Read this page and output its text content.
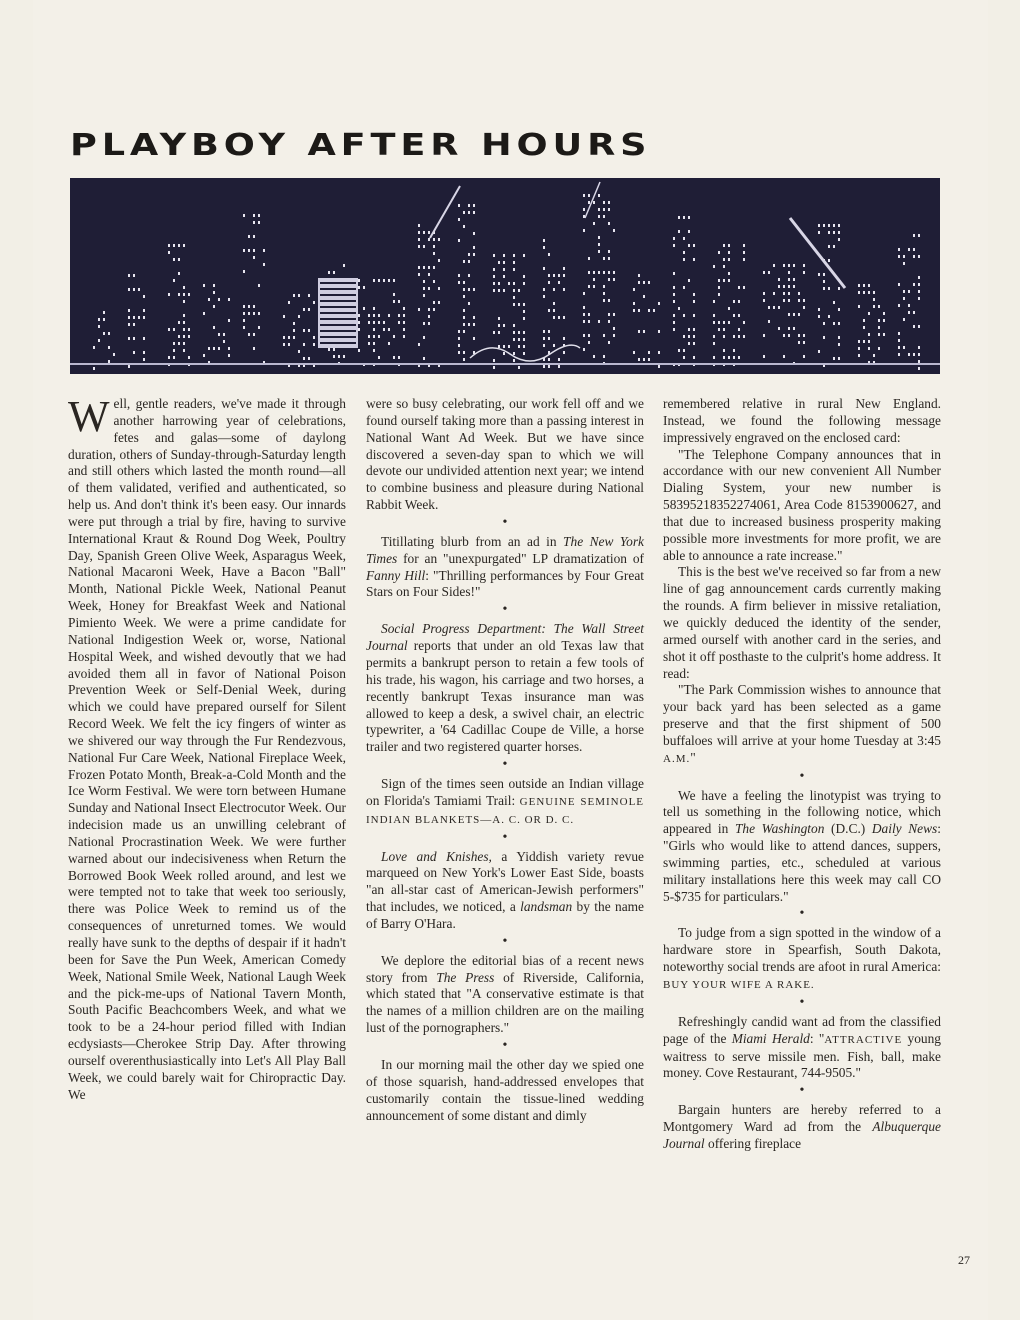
PLAYBOY AFTER HOURS

Well, gentle readers, we've made it through another harrowing year of celebrations, fetes and galas—some of daylong duration, others of Sunday-through-Saturday length and still others which lasted the month round—all of them validated, verified and authenticated, so help us. And don't think it's been easy. Our innards were put through a trial by fire, having to survive International Kraut & Round Dog Week, Poultry Day, Spanish Green Olive Week, Asparagus Week, National Macaroni Week, Have a Bacon "Ball" Month, National Pickle Week, National Peanut Week, Honey for Breakfast Week and National Pimiento Week. We were a prime candidate for National Indigestion Week or, worse, National Hospital Week, and wished devoutly that we had avoided them all in favor of National Poison Prevention Week or Self-Denial Week, during which we could have prepared ourself for Silent Record Week. We felt the icy fingers of winter as we shivered our way through the Fur Rendezvous, National Fur Care Week, National Fireplace Week, Frozen Potato Month, Break-a-Cold Month and the Ice Worm Festival. We were torn between Humane Sunday and National Insect Electrocutor Week. Our indecision made us an unwilling celebrant of National Procrastination Week. We were further warned about our indecisiveness when Return the Borrowed Book Week rolled around, and lest we were tempted not to take that week too seriously, there was Police Week to remind us of the consequences of unreturned tomes. We would really have sunk to the depths of despair if it hadn't been for Save the Pun Week, American Comedy Week, National Smile Week, National Laugh Week and the pick-me-ups of National Tavern Month, South Pacific Beachcombers Week, and what we took to be a 24-hour period filled with Indian ecdysiasts—Cherokee Strip Day. After throwing ourself overenthusiastically into Let's All Play Ball Week, we could barely wait for Chiropractic Day. We

were so busy celebrating, our work fell off and we found ourself taking more than a passing interest in National Want Ad Week. But we have since discovered a seven-day span to which we will devote our undivided attention next year; we intend to combine business and pleasure during National Rabbit Week.

•

Titillating blurb from an ad in The New York Times for an "unexpurgated" LP dramatization of Fanny Hill: "Thrilling performances by Four Great Stars on Four Sides!"

•

Social Progress Department: The Wall Street Journal reports that under an old Texas law that permits a bankrupt person to retain a few tools of his trade, his wagon, his carriage and two horses, a recently bankrupt Texas insurance man was allowed to keep a desk, a swivel chair, an electric typewriter, a '64 Cadillac Coupe de Ville, a horse trailer and two registered quarter horses.

•

Sign of the times seen outside an Indian village on Florida's Tamiami Trail: GENUINE SEMINOLE INDIAN BLANKETS—A. C. OR D. C.

•

Love and Knishes, a Yiddish variety revue marqueed on New York's Lower East Side, boasts "an all-star cast of American-Jewish performers" that includes, we noticed, a landsman by the name of Barry O'Hara.

•

We deplore the editorial bias of a recent news story from The Press of Riverside, California, which stated that "A conservative estimate is that the names of a million children are on the mailing lust of the pornographers."

•

In our morning mail the other day we spied one of those squarish, hand-addressed envelopes that customarily contain the tissue-lined wedding announcement of some distant and dimly

remembered relative in rural New England. Instead, we found the following message impressively engraved on the enclosed card:

"The Telephone Company announces that in accordance with our new convenient All Number Dialing System, your new number is 58395218352274061, Area Code 8153900627, and that due to increased business prosperity making possible more investments for more profit, we are able to announce a rate increase."

This is the best we've received so far from a new line of gag announcement cards currently making the rounds. A firm believer in missive retaliation, we quickly deduced the identity of the sender, armed ourself with another card in the series, and shot it off posthaste to the culprit's home address. It read:

"The Park Commission wishes to announce that your back yard has been selected as a game preserve and that the first shipment of 500 buffaloes will arrive at your home Tuesday at 3:45 A.M."

•

We have a feeling the linotypist was trying to tell us something in the following notice, which appeared in The Washington (D.C.) Daily News: "Girls who would like to attend dances, suppers, swimming parties, etc., scheduled at various military installations here this week may call CO 5-$735 for particulars."

•

To judge from a sign spotted in the window of a hardware store in Spearfish, South Dakota, noteworthy social trends are afoot in rural America: BUY YOUR WIFE A RAKE.

•

Refreshingly candid want ad from the classified page of the Miami Herald: "ATTRACTIVE young waitress to serve missile men. Fish, ball, make money. Cove Restaurant, 744-9505."

•

Bargain hunters are hereby referred to a Montgomery Ward ad from the Albuquerque Journal offering fireplace

27
